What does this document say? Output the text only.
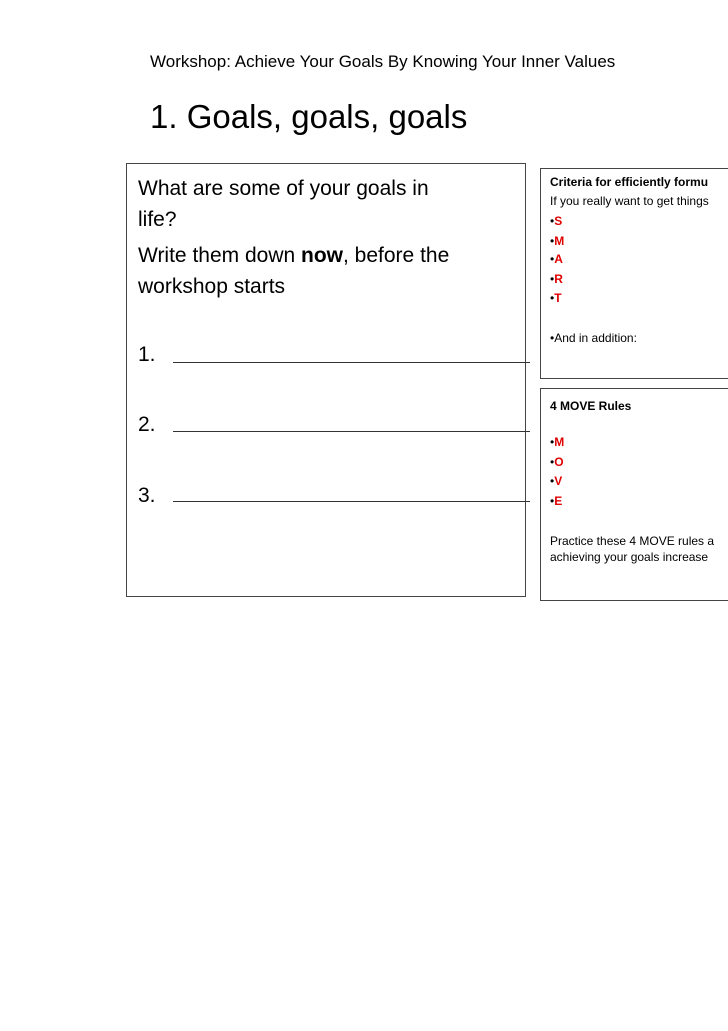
Workshop: Achieve Your Goals By Knowing Your Inner Values
1. Goals, goals, goals
What are some of your goals in
life?
Write them down now, before the
workshop starts
1.
2.
3.
Criteria for efficiently formu
If you really want to get things
•S
•M
•A
•R
•T
•And in addition:
4 MOVE Rules
•M
•O
•V
•E
Practice these 4 MOVE rules a
achieving your goals increase
